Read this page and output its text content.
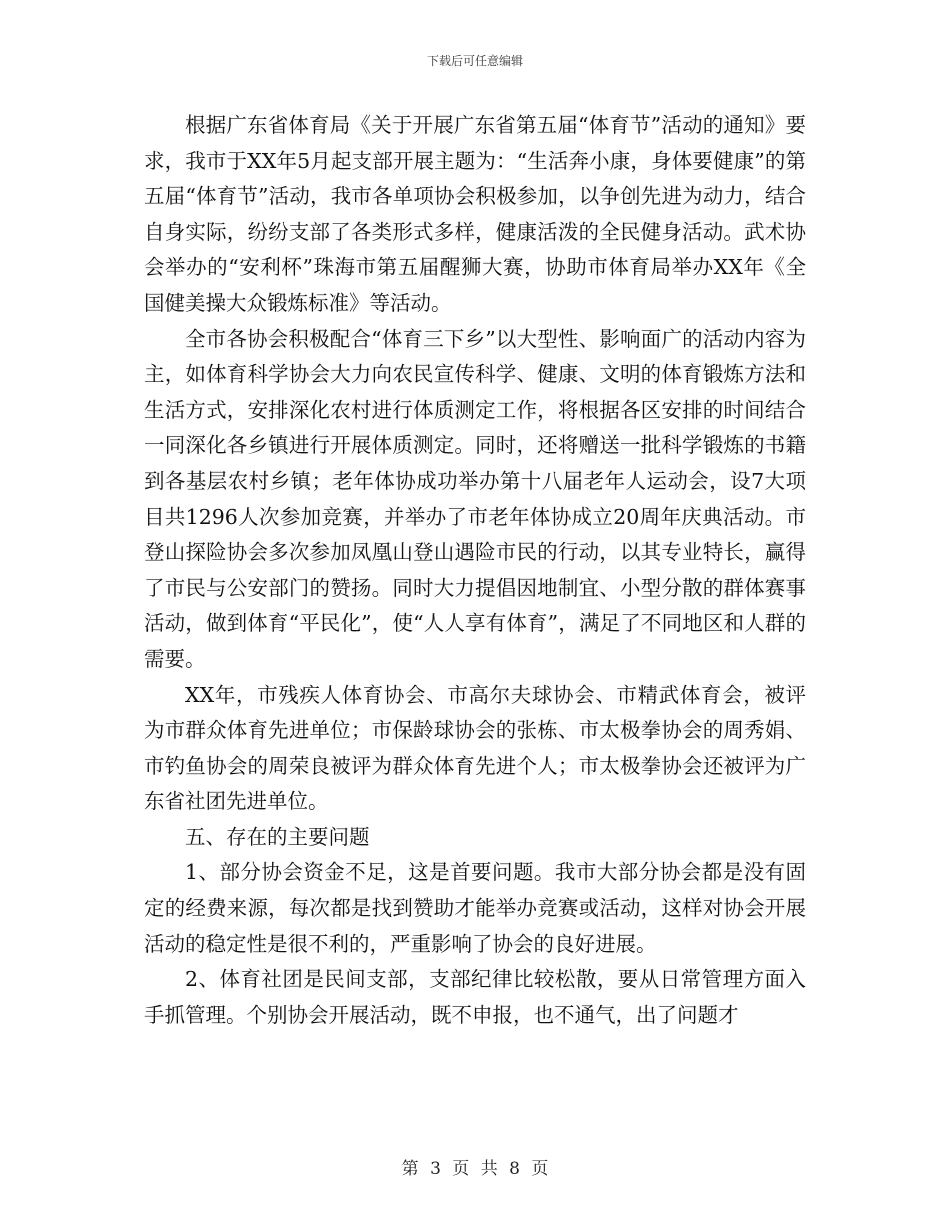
下载后可任意编辑

根据广东省体育局《关于开展广东省第五届“体育节”活动的通知》要求，我市于XX年5月起支部开展主题为：“生活奔小康，身体要健康”的第五届“体育节”活动，我市各单项协会积极参加，以争创先进为动力，结合自身实际，纷纷支部了各类形式多样，健康活泼的全民健身活动。武术协会举办的“安利杯”珠海市第五届醒狮大赛，协助市体育局举办XX年《全国健美操大众锻炼标准》等活动。

全市各协会积极配合“体育三下乡”以大型性、影响面广的活动内容为主，如体育科学协会大力向农民宣传科学、健康、文明的体育锻炼方法和生活方式，安排深化农村进行体质测定工作，将根据各区安排的时间结合一同深化各乡镇进行开展体质测定。同时，还将赠送一批科学锻炼的书籍到各基层农村乡镇；老年体协成功举办第十八届老年人运动会，设7大项目共1296人次参加竞赛，并举办了市老年体协成立20周年庆典活动。市登山探险协会多次参加凤凰山登山遇险市民的行动，以其专业特长，赢得了市民与公安部门的赞扬。同时大力提倡因地制宜、小型分散的群体赛事活动，做到体育“平民化”，使“人人享有体育”，满足了不同地区和人群的需要。

XX年，市残疾人体育协会、市高尔夫球协会、市精武体育会，被评为市群众体育先进单位；市保龄球协会的张栋、市太极拳协会的周秀娟、市钓鱼协会的周荣良被评为群众体育先进个人；市太极拳协会还被评为广东省社团先进单位。

五、存在的主要问题

1、部分协会资金不足，这是首要问题。我市大部分协会都是没有固定的经费来源，每次都是找到赞助才能举办竞赛或活动，这样对协会开展活动的稳定性是很不利的，严重影响了协会的良好进展。

2、体育社团是民间支部，支部纪律比较松散，要从日常管理方面入手抓管理。个别协会开展活动，既不申报，也不通气，出了问题才

第 3 页 共 8 页
